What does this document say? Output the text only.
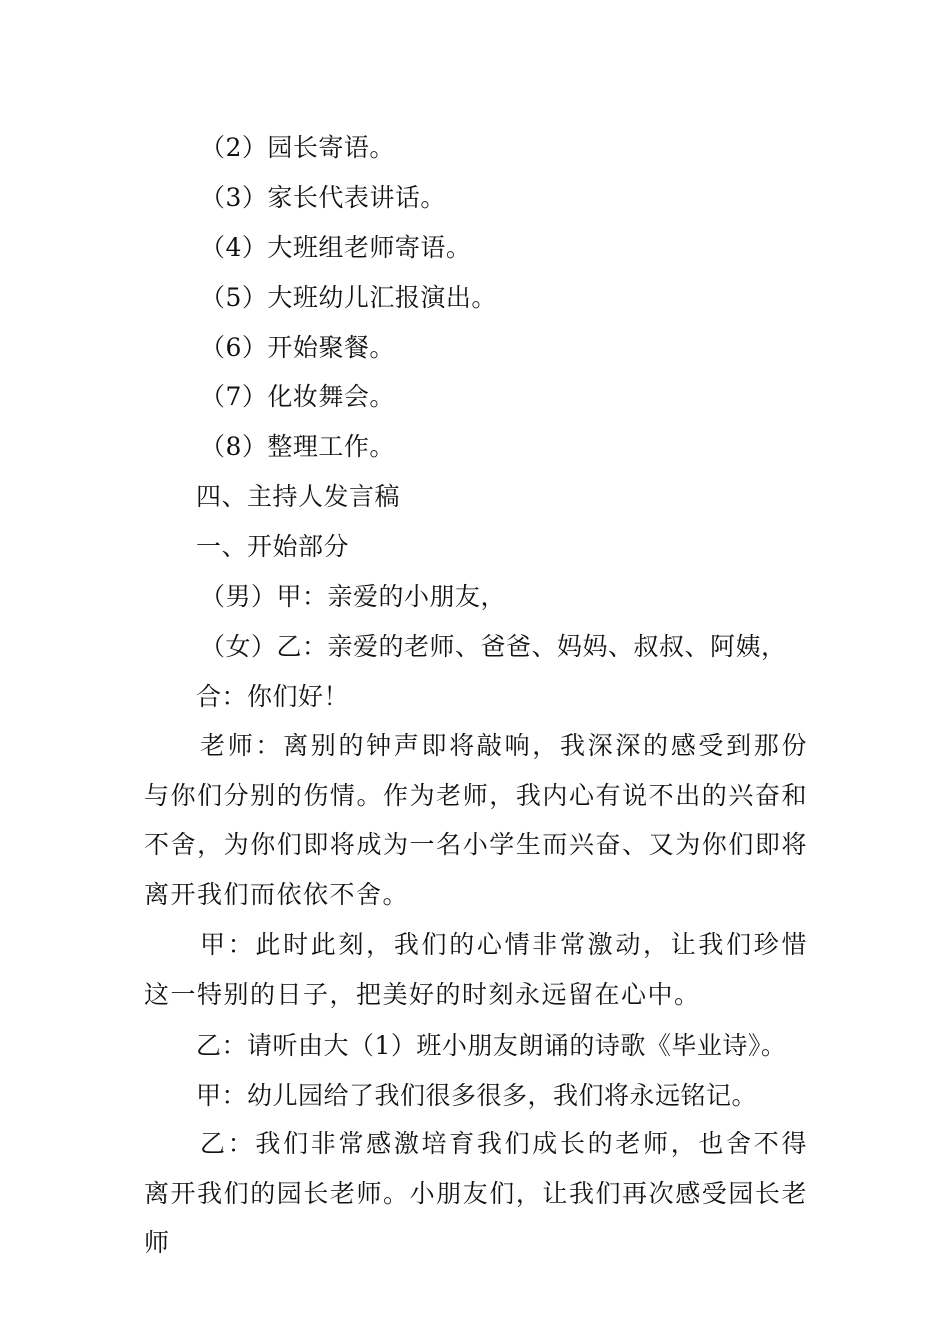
（2）园长寄语。
（3）家长代表讲话。
（4）大班组老师寄语。
（5）大班幼儿汇报演出。
（6）开始聚餐。
（7）化妆舞会。
（8）整理工作。
四、主持人发言稿
一、开始部分
（男）甲：亲爱的小朋友，
（女）乙：亲爱的老师、爸爸、妈妈、叔叔、阿姨，
合：你们好！
老师：离别的钟声即将敲响，我深深的感受到那份与你们分别的伤情。作为老师，我内心有说不出的兴奋和不舍，为你们即将成为一名小学生而兴奋、又为你们即将离开我们而依依不舍。
甲：此时此刻，我们的心情非常激动，让我们珍惜这一特别的日子，把美好的时刻永远留在心中。
乙：请听由大（1）班小朋友朗诵的诗歌《毕业诗》。
甲：幼儿园给了我们很多很多，我们将永远铭记。
乙：我们非常感激培育我们成长的老师，也舍不得离开我们的园长老师。小朋友们，让我们再次感受园长老师
